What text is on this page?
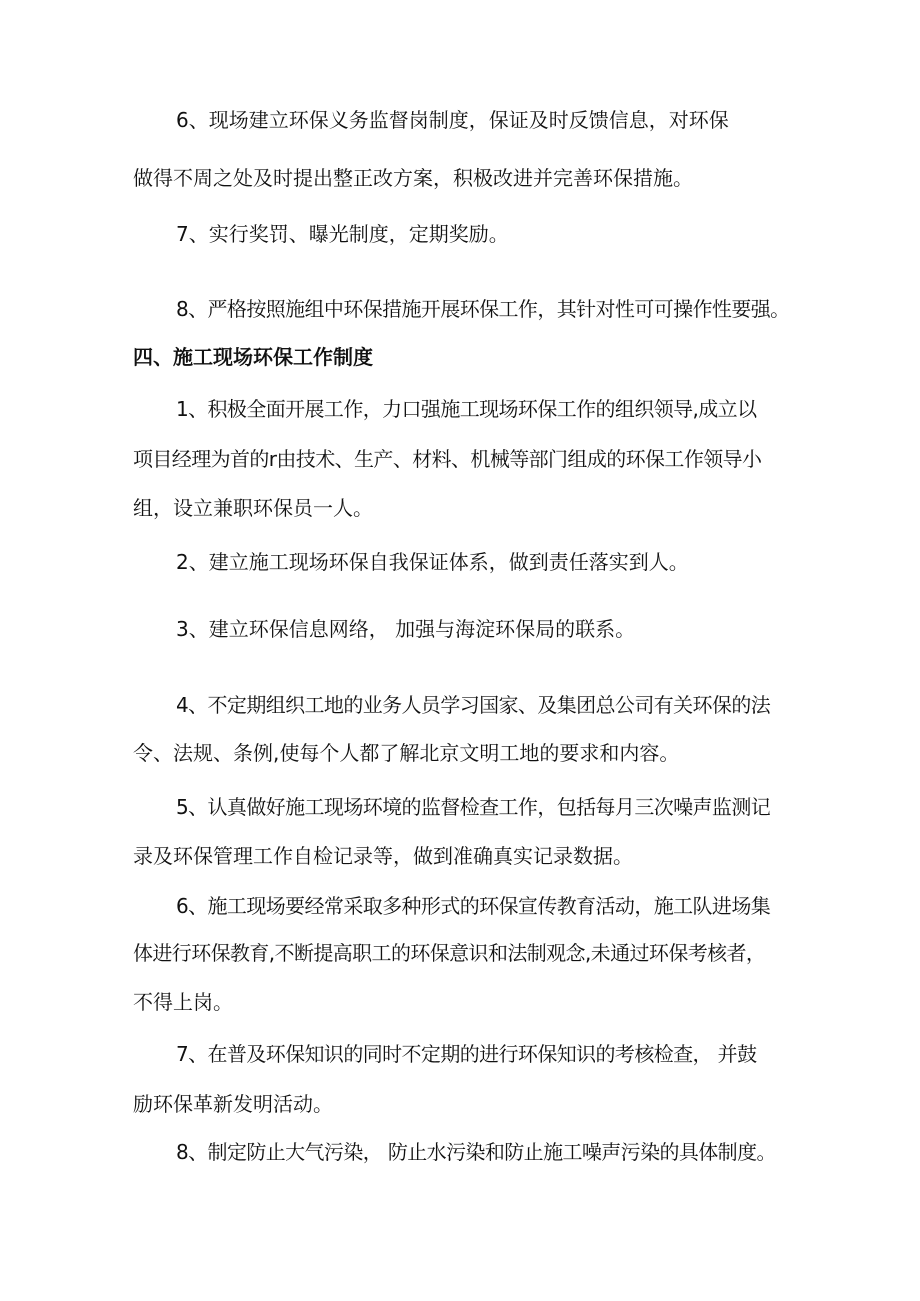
6、现场建立环保义务监督岗制度，保证及时反馈信息，对环保
做得不周之处及时提出整正改方案，积极改进并完善环保措施。
7、实行奖罚、曝光制度，定期奖励。
8、严格按照施组中环保措施开展环保工作，其针对性可可操作性要强。
四、施工现场环保工作制度
1、积极全面开展工作，力口强施工现场环保工作的组织领导,成立以
项目经理为首的r由技术、生产、材料、机械等部门组成的环保工作领导小
组，设立兼职环保员一人。
2、建立施工现场环保自我保证体系，做到责任落实到人。
3、建立环保信息网络， 加强与海淀环保局的联系。
4、不定期组织工地的业务人员学习国家、及集团总公司有关环保的法
令、法规、条例,使每个人都了解北京文明工地的要求和内容。
5、认真做好施工现场环境的监督检查工作，包括每月三次噪声监测记
录及环保管理工作自检记录等，做到准确真实记录数据。
6、施工现场要经常采取多种形式的环保宣传教育活动，施工队进场集
体进行环保教育,不断提高职工的环保意识和法制观念,未通过环保考核者，
不得上岗。
7、在普及环保知识的同时不定期的进行环保知识的考核检查， 并鼓
励环保革新发明活动。
8、制定防止大气污染， 防止水污染和防止施工噪声污染的具体制度。
